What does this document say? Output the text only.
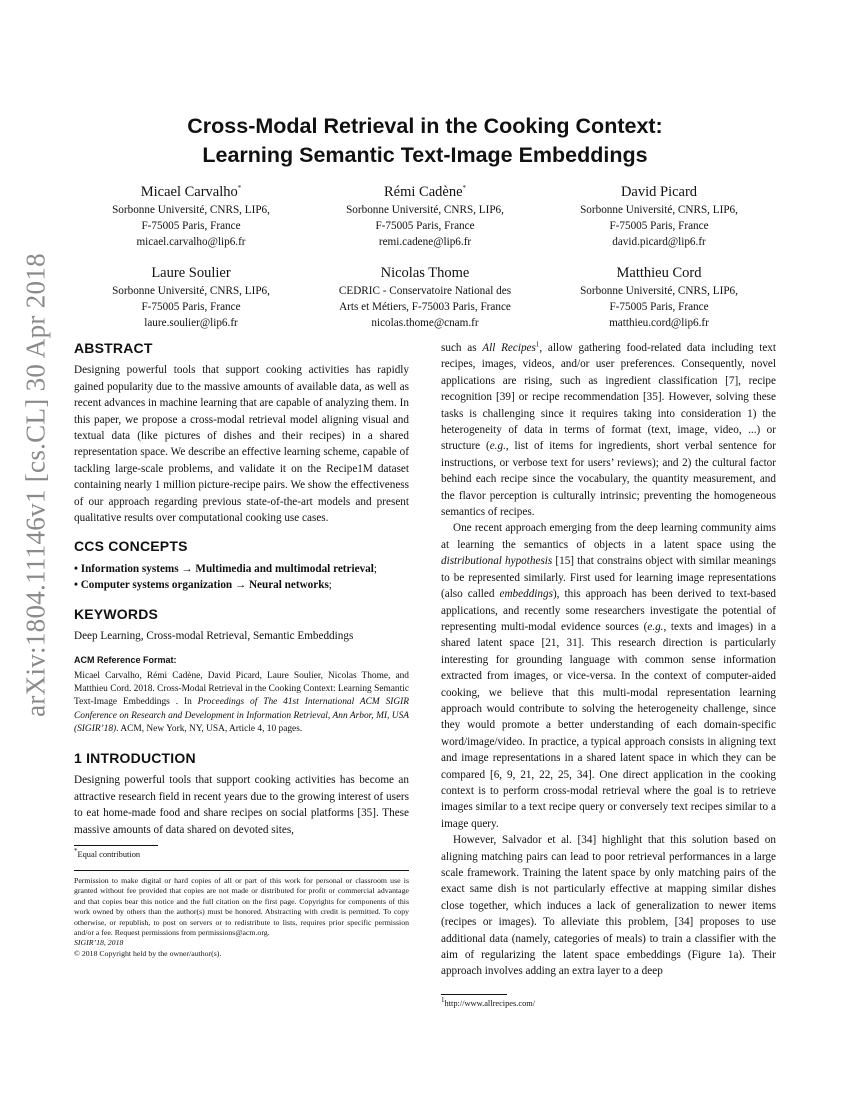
arXiv:1804.11146v1 [cs.CL] 30 Apr 2018
Cross-Modal Retrieval in the Cooking Context:
Learning Semantic Text-Image Embeddings
Micael Carvalho*
Sorbonne Université, CNRS, LIP6,
F-75005 Paris, France
micael.carvalho@lip6.fr
Rémi Cadène*
Sorbonne Université, CNRS, LIP6,
F-75005 Paris, France
remi.cadene@lip6.fr
David Picard
Sorbonne Université, CNRS, LIP6,
F-75005 Paris, France
david.picard@lip6.fr
Laure Soulier
Sorbonne Université, CNRS, LIP6,
F-75005 Paris, France
laure.soulier@lip6.fr
Nicolas Thome
CEDRIC - Conservatoire National des
Arts et Métiers, F-75003 Paris, France
nicolas.thome@cnam.fr
Matthieu Cord
Sorbonne Université, CNRS, LIP6,
F-75005 Paris, France
matthieu.cord@lip6.fr
ABSTRACT

Designing powerful tools that support cooking activities has rapidly gained popularity due to the massive amounts of available data, as well as recent advances in machine learning that are capable of analyzing them. In this paper, we propose a cross-modal retrieval model aligning visual and textual data (like pictures of dishes and their recipes) in a shared representation space. We describe an effective learning scheme, capable of tackling large-scale problems, and validate it on the Recipe1M dataset containing nearly 1 million picture-recipe pairs. We show the effectiveness of our approach regarding previous state-of-the-art models and present qualitative results over computational cooking use cases.

CCS CONCEPTS

• Information systems → Multimedia and multimodal retrieval;

• Computer systems organization → Neural networks;

KEYWORDS

Deep Learning, Cross-modal Retrieval, Semantic Embeddings

ACM Reference Format:
Micael Carvalho, Rémi Cadène, David Picard, Laure Soulier, Nicolas Thome, and Matthieu Cord. 2018. Cross-Modal Retrieval in the Cooking Context: Learning Semantic Text-Image Embeddings . In Proceedings of The 41st International ACM SIGIR Conference on Research and Development in Information Retrieval, Ann Arbor, MI, USA (SIGIR’18). ACM, New York, NY, USA, Article 4, 10 pages.
1 INTRODUCTION

Designing powerful tools that support cooking activities has become an attractive research field in recent years due to the growing interest of users to eat home-made food and share recipes on social platforms [35]. These massive amounts of data shared on devoted sites,

*Equal contribution
Permission to make digital or hard copies of all or part of this work for personal or classroom use is granted without fee provided that copies are not made or distributed for profit or commercial advantage and that copies bear this notice and the full citation on the first page. Copyrights for components of this work owned by others than the author(s) must be honored. Abstracting with credit is permitted. To copy otherwise, or republish, to post on servers or to redistribute to lists, requires prior specific permission and/or a fee. Request permissions from permissions@acm.org.
SIGIR’18, 2018
© 2018 Copyright held by the owner/author(s).

such as All Recipes$^1$, allow gathering food-related data including text recipes, images, videos, and/or user preferences. Consequently, novel applications are rising, such as ingredient classification [7], recipe recognition [39] or recipe recommendation [35]. However, solving these tasks is challenging since it requires taking into consideration 1) the heterogeneity of data in terms of format (text, image, video, ...) or structure (e.g., list of items for ingredients, short verbal sentence for instructions, or verbose text for users’ reviews); and 2) the cultural factor behind each recipe since the vocabulary, the quantity measurement, and the flavor perception is culturally intrinsic; preventing the homogeneous semantics of recipes.

One recent approach emerging from the deep learning community aims at learning the semantics of objects in a latent space using the distributional hypothesis [15] that constrains object with similar meanings to be represented similarly. First used for learning image representations (also called embeddings), this approach has been derived to text-based applications, and recently some researchers investigate the potential of representing multi-modal evidence sources (e.g., texts and images) in a shared latent space [21, 31]. This research direction is particularly interesting for grounding language with common sense information extracted from images, or vice-versa. In the context of computer-aided cooking, we believe that this multi-modal representation learning approach would contribute to solving the heterogeneity challenge, since they would promote a better understanding of each domain-specific word/image/video. In practice, a typical approach consists in aligning text and image representations in a shared latent space in which they can be compared [6, 9, 21, 22, 25, 34]. One direct application in the cooking context is to perform cross-modal retrieval where the goal is to retrieve images similar to a text recipe query or conversely text recipes similar to a image query.

However, Salvador et al. [34] highlight that this solution based on aligning matching pairs can lead to poor retrieval performances in a large scale framework. Training the latent space by only matching pairs of the exact same dish is not particularly effective at mapping similar dishes close together, which induces a lack of generalization to newer items (recipes or images). To alleviate this problem, [34] proposes to use additional data (namely, categories of meals) to train a classifier with the aim of regularizing the latent space embeddings (Figure 1a). Their approach involves adding an extra layer to a deep

$^1$http://www.allrecipes.com/
